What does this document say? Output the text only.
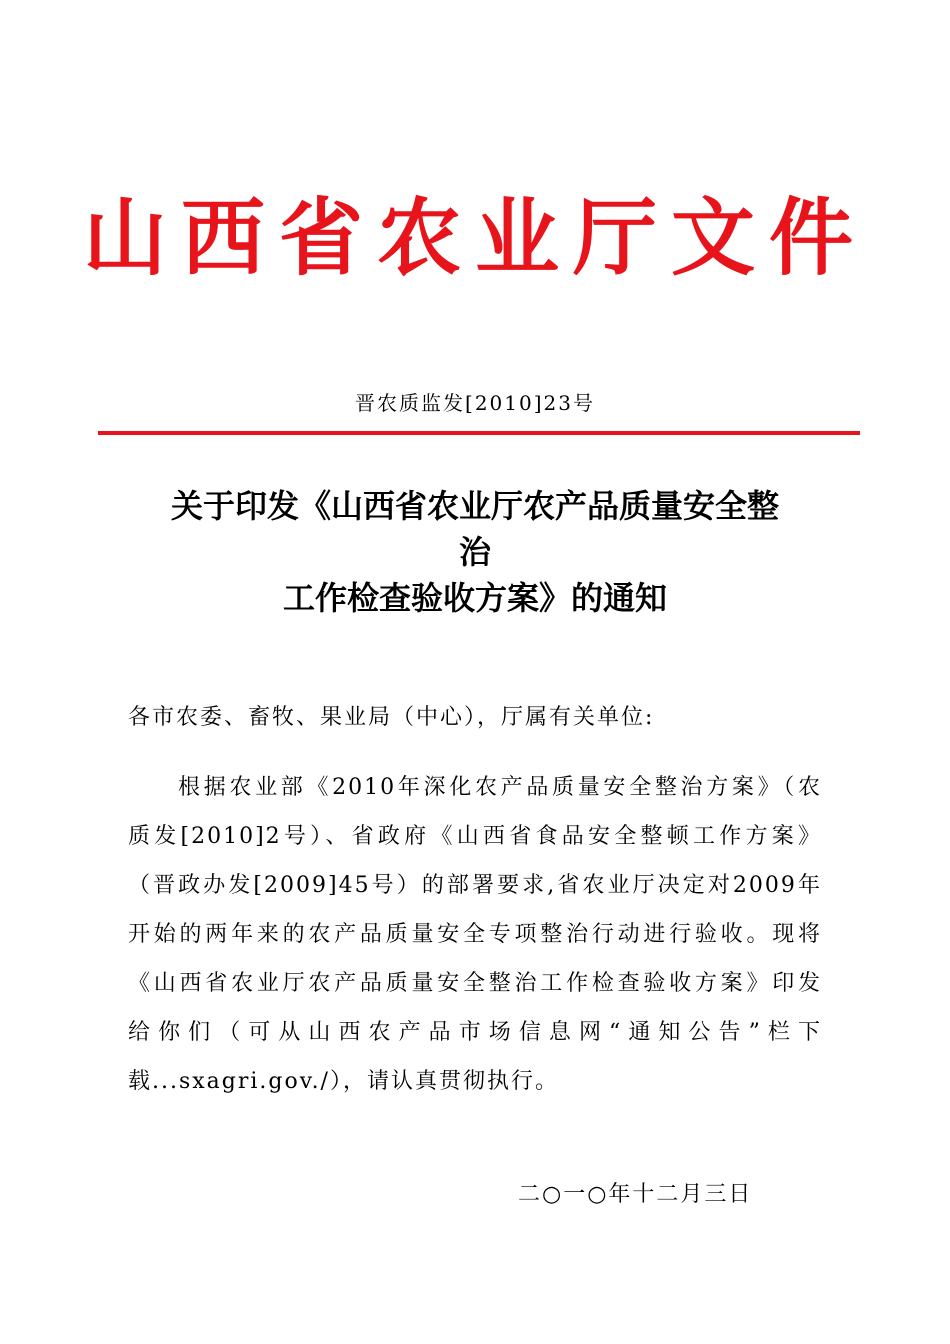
山西省农业厅文件
晋农质监发[2010]23号
关于印发《山西省农业厅农产品质量安全整
治
工作检查验收方案》的通知
各市农委、畜牧、果业局（中心），厅属有关单位:
根据农业部《2010年深化农产品质量安全整治方案》（农
质发[2010]2号）、省政府《山西省食品安全整顿工作方案》
（晋政办发[2009]45号）的部署要求,省农业厅决定对2009年
开始的两年来的农产品质量安全专项整治行动进行验收。现将
《山西省农业厅农产品质量安全整治工作检查验收方案》印发
给你们（可从山西农产品市场信息网“通知公告”栏下
载...sxagri.gov./），请认真贯彻执行。
二○一○年十二月三日
